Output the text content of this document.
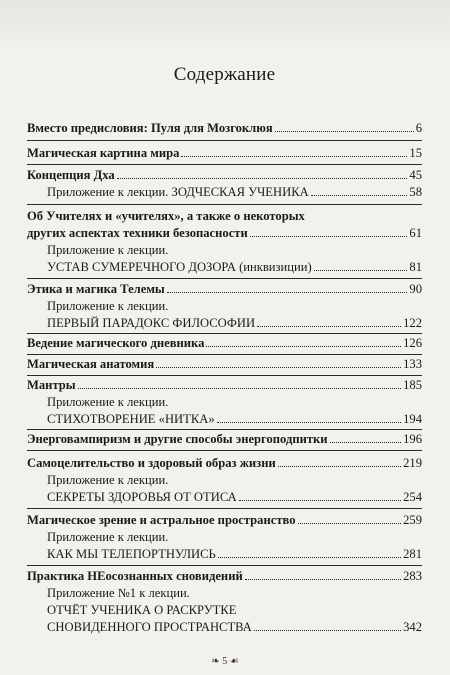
Содержание
Вместо предисловия: Пуля для Мозгоклюя	6
Магическая картина мира	15
Концепция Дха	45
Приложение к лекции. ЗОДЧЕСКАЯ УЧЕНИКА	58
Об Учителях и «учителях», а также о некоторых
других аспектах техники безопасности	61
Приложение к лекции.
УСТАВ СУМЕРЕЧНОГО ДОЗОРА (инквизиции)	81
Этика и магика Телемы	90
Приложение к лекции.
ПЕРВЫЙ ПАРАДОКС ФИЛОСОФИИ	122
Ведение магического дневника	126
Магическая анатомия	133
Мантры	185
Приложение к лекции.
СТИХОТВОРЕНИЕ «НИТКА»	194
Энерговампиризм и другие способы энергоподпитки	196
Самоцелительство и здоровый образ жизни	219
Приложение к лекции.
СЕКРЕТЫ ЗДОРОВЬЯ ОТ ОТИСА	254
Магическое зрение и астральное пространство	259
Приложение к лекции.
КАК МЫ ТЕЛЕПОРТНУЛИСЬ	281
Практика НЕосознанных сновидений	283
Приложение №1 к лекции.
ОТЧЁТ УЧЕНИКА О РАСКРУТКЕ
СНОВИДЕННОГО ПРОСТРАНСТВА	342
❧ 5 ☙
